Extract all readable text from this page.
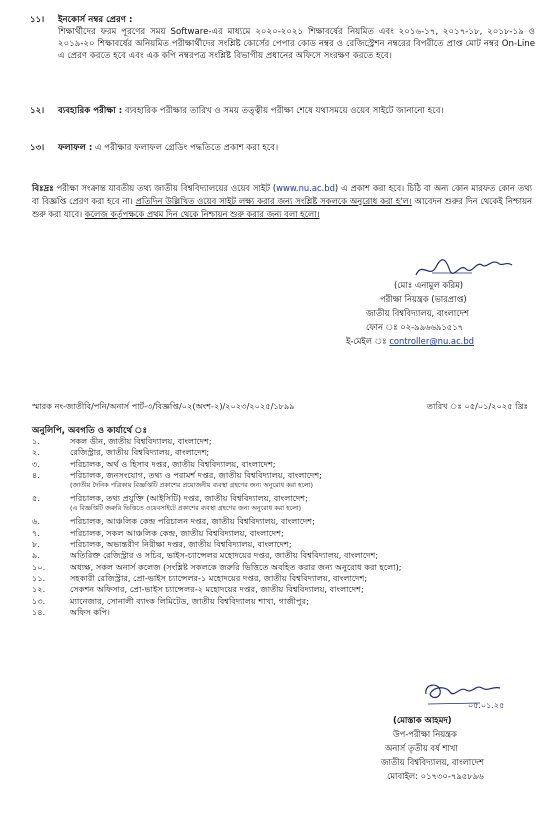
১১। ইনকোর্স নম্বর প্রেরণ :
শিক্ষার্থীদের ফরম পূরণের সময় Software-এর মাধ্যমে ২০২০-২০২১ শিক্ষাবর্ষের নিয়মিত এবং ২০১৬-১৭, ২০১৭-১৮, ২০১৮-১৯ ও ২০১৯-২০ শিক্ষাবর্ষের অনিয়মিত পরীক্ষার্থীদের সংশ্লিষ্ট কোর্সের পেপার কোড নম্বর ও রেজিস্ট্রেশন নম্বরের বিপরীতে প্রাপ্ত মোট নম্বর On-Line এ প্রেরণ করতে হবে এবং এক কপি নম্বরপত্র সংশ্লিষ্ট বিভাগীয় প্রধানের অফিসে সংরক্ষণ করতে হবে।
১২। ব্যবহারিক পরীক্ষা : ব্যবহারিক পরীক্ষার তারিখ ও সময় তত্ত্বীয় পরীক্ষা শেষে যথাসময়ে ওয়েব সাইটে জানানো হবে।
১৩। ফলাফল : এ পরীক্ষার ফলাফল গ্রেডিং পদ্ধতিতে প্রকাশ করা হবে।
বিঃদ্রঃ পরীক্ষা সংক্রান্ত যাবতীয় তথ্য জাতীয় বিশ্ববিদ্যালয়ের ওয়েব সাইট (www.nu.ac.bd) এ প্রকাশ করা হবে। চিঠি বা অন্য কোন মারফত কোন তথ্য বা বিজ্ঞপ্তি প্রেরণ করা হবে না। প্রতিদিন উল্লিখিত ওয়েব সাইট লক্ষ্য করার জন্য সংশ্লিষ্ট সকলকে অনুরোধ করা হ'ল। আবেদন শুরুর দিন থেকেই নিশ্চায়ন শুরু করা যাবে। কলেজ কর্তৃপক্ষকে প্রথম দিন থেকে নিশ্চায়ন শুরু করার জন্য বলা হলো।
(মোঃ এনামুল করিম)
পরীক্ষা নিয়ন্ত্রক (ভারপ্রাপ্ত)
জাতীয় বিশ্ববিদ্যালয়, বাংলাদেশ
ফোন ঃ ০২-৯৯৬৬৯১৫১৭
ই-মেইল ঃ controller@nu.ac.bd
স্মারক নং-জাতীবি/পনি/অনার্স পার্ট-৩/বিজ্ঞপ্তি/০২(অংশ-২)/২০২৩/২০২৫/১৮৯৯	তারিখ ঃ ০৫/০১/২০২৫ খ্রিঃ
অনুলিপি, অবগতি ও কার্যার্থে ঃ
১.	সকল ডীন, জাতীয় বিশ্ববিদ্যালয়, বাংলাদেশ;
২.	রেজিস্ট্রার, জাতীয় বিশ্ববিদ্যালয়, বাংলাদেশ;
৩.	পরিচালক, অর্থ ও হিসাব দপ্তর, জাতীয় বিশ্ববিদ্যালয়, বাংলাদেশ;
৪.	পরিচালক, জনসংযোগ, তথ্য ও পরামর্শ দপ্তর, জাতীয় বিশ্ববিদ্যালয়, বাংলাদেশ;
(জাতীয় দৈনিক পত্রিকায় বিজ্ঞপ্তিটি প্রকাশের প্রয়োজনীয় ব্যবস্থা গ্রহণের জন্য অনুরোধ করা হলো)
৫.	পরিচালক, তথ্য প্রযুক্তি (আইসিটি) দপ্তর, জাতীয় বিশ্ববিদ্যালয়, বাংলাদেশ;
(এ বিজ্ঞপ্তিটি জরুরি ভিত্তিতে ওয়েবসাইটে প্রকাশের ব্যবস্থা গ্রহণের জন্য অনুরোধ করা হলো)
৬.	পরিচালক, আঞ্চলিক কেন্দ্র পরিচালন দপ্তর, জাতীয় বিশ্ববিদ্যালয়, বাংলাদেশ;
৭.	পরিচালক, সকল আঞ্চলিক কেন্দ্র, জাতীয় বিশ্ববিদ্যালয়, বাংলাদেশ;
৮.	পরিচালক, অভ্যন্তরীণ নিরীক্ষা দপ্তর, জাতীয় বিশ্ববিদ্যালয়, বাংলাদেশ;
৯.	অতিরিক্ত রেজিস্ট্রার ও সচিব, ভাইস-চ্যান্সেলর মহোদয়ের দপ্তর, জাতীয় বিশ্ববিদ্যালয়, বাংলাদেশ;
১০.	অধ্যক্ষ, সকল অনার্স কলেজ (সংশ্লিষ্ট সকলকে জরুরি ভিত্তিতে অবহিত করার জন্য অনুরোধ করা হলো);
১১.	সহকারী রেজিস্ট্রার, প্রো-ভাইস চ্যান্সেলর-১ মহোদয়ের দপ্তর, জাতীয় বিশ্ববিদ্যালয়, বাংলাদেশ;
১২.	সেকশন অফিসার, প্রো-ভাইস চ্যান্সেলর-২ মহোদয়ের দপ্তর, জাতীয় বিশ্ববিদ্যালয়, বাংলাদেশ;
১৩.	ম্যানেজার, সোনালী ব্যাংক লিমিটেড, জাতীয় বিশ্ববিদ্যালয় শাখা, গাজীপুর;
১৪.	অফিস কপি।
০৫.০১.২৫
(মোস্তাক আহমদ)
উপ-পরীক্ষা নিয়ন্ত্রক
অনার্স তৃতীয় বর্ষ শাখা
জাতীয় বিশ্ববিদ্যালয়, বাংলাদেশ
মোবাইল: ০১৭৩০-৭৯৫৮৯৬
